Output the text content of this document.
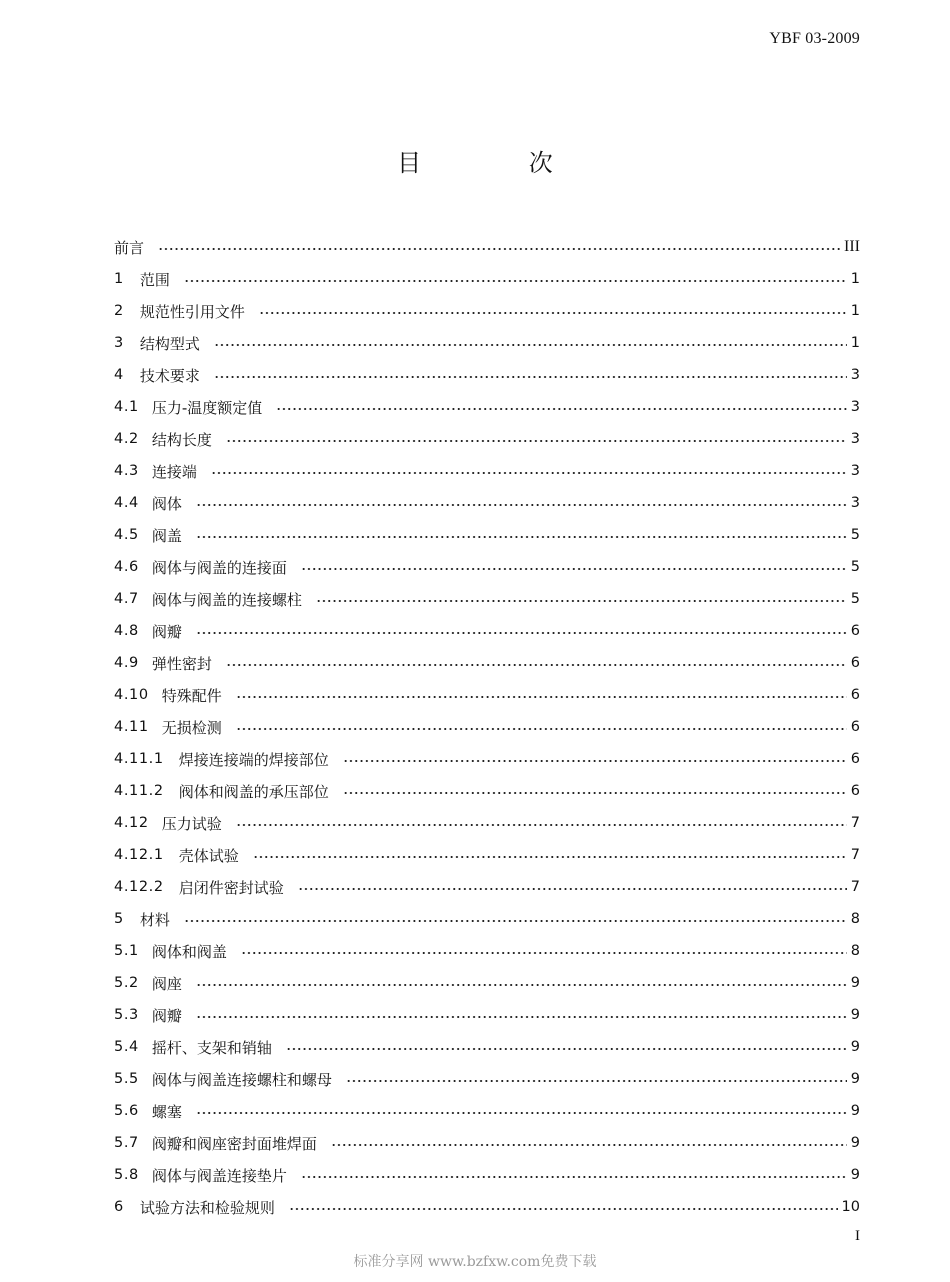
YBF 03-2009
目 次
前言	III
1 范围	1
2 规范性引用文件	1
3 结构型式	1
4 技术要求	3
4.1 压力-温度额定值	3
4.2 结构长度	3
4.3 连接端	3
4.4 阀体	3
4.5 阀盖	5
4.6 阀体与阀盖的连接面	5
4.7 阀体与阀盖的连接螺柱	5
4.8 阀瓣	6
4.9 弹性密封	6
4.10 特殊配件	6
4.11 无损检测	6
4.11.1 焊接连接端的焊接部位	6
4.11.2 阀体和阀盖的承压部位	6
4.12 压力试验	7
4.12.1 壳体试验	7
4.12.2 启闭件密封试验	7
5 材料	8
5.1 阀体和阀盖	8
5.2 阀座	9
5.3 阀瓣	9
5.4 摇杆、支架和销轴	9
5.5 阀体与阀盖连接螺柱和螺母	9
5.6 螺塞	9
5.7 阀瓣和阀座密封面堆焊面	9
5.8 阀体与阀盖连接垫片	9
6 试验方法和检验规则	10
I
标准分享网 www.bzfxw.com免费下载
